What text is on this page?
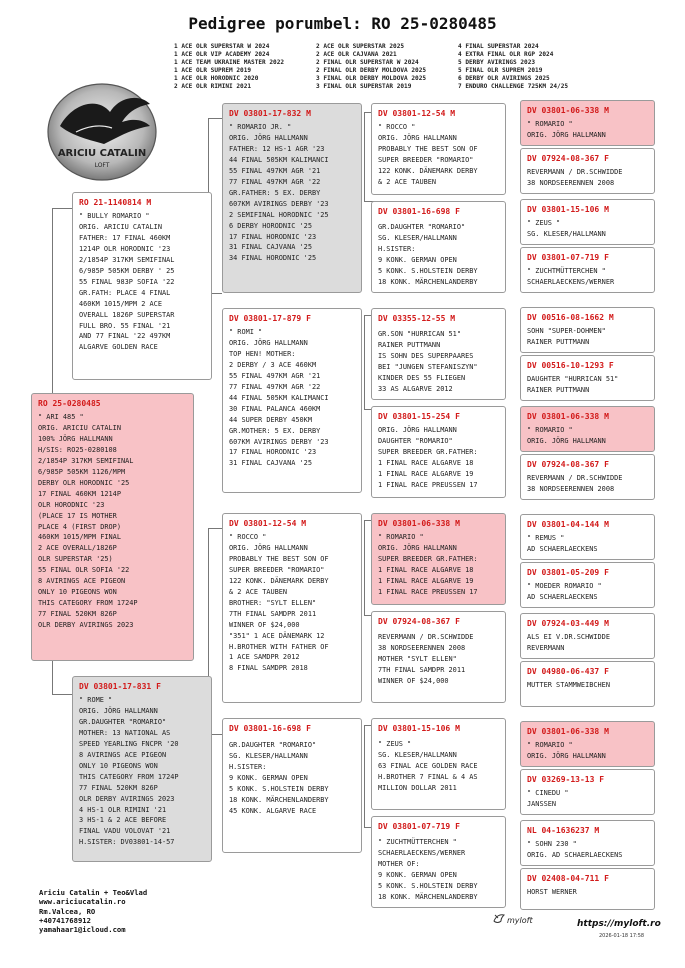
Pedigree porumbel: RO 25-0280485
1 ACE OLR SUPERSTAR W 2024
1 ACE OLR VIP ACADEMY 2024
1 ACE TEAM UKRAINE MASTER 2022
1 ACE OLR SUPREM 2019
1 ACE OLR HORODNIC 2020
2 ACE OLR RIMINI 2021
2 ACE OLR SUPERSTAR 2025
2 ACE OLR CAJVANA 2021
2 FINAL OLR SUPERSTAR W 2024
2 FINAL OLR DERBY MOLDOVA 2025
3 FINAL OLR DERBY MOLDOVA 2025
3 FINAL OLR SUPERSTAR 2019
4 FINAL SUPERSTAR 2024
4 EXTRA FINAL OLR RGP 2024
5 DERBY AVIRINGS 2023
5 FINAL OLR SUPREM 2019
6 DERBY OLR AVIRINGS 2025
7 ENDURO CHALLENGE 725KM 24/25
ARICIU CATALIN
LOFT
RO 25-0280485
" ARI 485 "
ORIG. ARICIU CATALIN
100% JÖRG HALLMANN
H/SIS: RO25-0280108
2/1854P 317KM SEMIFINAL
6/985P 505KM 1126/MPM
DERBY OLR HORODNIC '25
17 FINAL 460KM 1214P
OLR HORODNIC '23
(PLACE 17 IS MOTHER
PLACE 4 (FIRST DROP)
460KM 1015/MPM FINAL
2 ACE OVERALL/1826P
OLR SUPERSTAR '25)
55 FINAL OLR SOFIA '22
8 AVIRINGS ACE PIGEON
ONLY 10 PIGEONS WON
THIS CATEGORY FROM 1724P
77 FINAL 520KM 826P
OLR DERBY AVIRINGS 2023
RO 21-1140814 M
" BULLY ROMARIO "
ORIG. ARICIU CATALIN
FATHER: 17 FINAL 460KM
1214P OLR HORODNIC '23
2/1854P 317KM SEMIFINAL
6/985P 505KM DERBY ' 25
55 FINAL 983P SOFIA '22
GR.FATH: PLACE 4 FINAL
460KM 1015/MPM 2 ACE
OVERALL 1826P SUPERSTAR
FULL BRO. 55 FINAL '21
AND 77 FINAL '22 497KM
ALGARVE GOLDEN RACE
DV 03801-17-831 F
" ROME "
ORIG. JÖRG HALLMANN
GR.DAUGHTER "ROMARIO"
MOTHER: 13 NATIONAL AS
SPEED YEARLING FNCPR '20
8 AVIRINGS ACE PIGEON
ONLY 10 PIGEONS WON
THIS CATEGORY FROM 1724P
77 FINAL 520KM 826P
OLR DERBY AVIRINGS 2023
4 HS-1 OLR RIMINI '21
3 HS-1 & 2 ACE BEFORE
FINAL VADU VOLOVAT '21
H.SISTER: DV03801-14-57
DV 03801-17-832 M
" ROMARIO JR. "
ORIG. JÖRG HALLMANN
FATHER: 12 HS-1 AGR '23
44 FINAL 505KM KALIMANCI
55 FINAL 497KM AGR '21
77 FINAL 497KM AGR '22
GR.FATHER: 5 EX. DERBY
607KM AVIRINGS DERBY '23
2 SEMIFINAL HORODNIC '25
6 DERBY HORODNIC '25
17 FINAL HORODNIC '23
31 FINAL CAJVANA '25
34 FINAL HORODNIC '25
DV 03801-17-879 F
" ROMI "
ORIG. JÖRG HALLMANN
TOP HEN! MOTHER:
2 DERBY / 3 ACE 460KM
55 FINAL 497KM AGR '21
77 FINAL 497KM AGR '22
44 FINAL 505KM KALIMANCI
30 FINAL PALANCA 460KM
44 SUPER DERBY 450KM
GR.MOTHER: 5 EX. DERBY
607KM AVIRINGS DERBY '23
17 FINAL HORODNIC '23
31 FINAL CAJVANA '25
DV 03801-12-54 M
" ROCCO "
ORIG. JÖRG HALLMANN
PROBABLY THE BEST SON OF
SUPER BREEDER "ROMARIO"
122 KONK. DÄNEMARK DERBY
& 2 ACE TAUBEN
BROTHER: "SYLT ELLEN"
7TH FINAL SAMDPR 2011
WINNER OF $24,000
"351" 1 ACE DÄNEMARK 12
H.BROTHER WITH FATHER OF
1 ACE SAMDPR 2012
8 FINAL SAMDPR 2018
DV 03801-16-698 F
GR.DAUGHTER "ROMARIO"
SG. KLESER/HALLMANN
H.SISTER:
9 KONK. GERMAN OPEN
5 KONK. S.HOLSTEIN DERBY
18 KONK. MÄRCHENLANDERBY
45 KONK. ALGARVE RACE
DV 03801-12-54 M
" ROCCO "
ORIG. JÖRG HALLMANN
PROBABLY THE BEST SON OF
SUPER BREEDER "ROMARIO"
122 KONK. DÄNEMARK DERBY
& 2 ACE TAUBEN
DV 03801-16-698 F
GR.DAUGHTER "ROMARIO"
SG. KLESER/HALLMANN
H.SISTER:
9 KONK. GERMAN OPEN
5 KONK. S.HOLSTEIN DERBY
18 KONK. MÄRCHENLANDERBY
DV 03355-12-55 M
GR.SON "HURRICAN 51"
RAINER PUTTMANN
IS SOHN DES SUPERPAARES
BEI "JUNGEN STEFANISZYN"
KINDER DES 55 FLIEGEN
33 AS ALGARVE 2012
DV 03801-15-254 F
ORIG. JÖRG HALLMANN
DAUGHTER "ROMARIO"
SUPER BREEDER GR.FATHER:
1 FINAL RACE ALGARVE 18
1 FINAL RACE ALGARVE 19
1 FINAL RACE PREUSSEN 17
DV 03801-06-338 M
" ROMARIO "
ORIG. JÖRG HALLMANN
SUPER BREEDER GR.FATHER:
1 FINAL RACE ALGARVE 18
1 FINAL RACE ALGARVE 19
1 FINAL RACE PREUSSEN 17
DV 07924-08-367 F
REVERMANN / DR.SCHWIDDE
38 NORDSEERENNEN 2008
MOTHER "SYLT ELLEN"
7TH FINAL SAMDPR 2011
WINNER OF $24,000
DV 03801-15-106 M
" ZEUS "
SG. KLESER/HALLMANN
63 FINAL ACE GOLDEN RACE
H.BROTHER 7 FINAL & 4 AS
MILLION DOLLAR 2011
DV 03801-07-719 F
" ZUCHTMÜTTERCHEN "
SCHAERLAECKENS/WERNER
MOTHER OF:
9 KONK. GERMAN OPEN
5 KONK. S.HOLSTEIN DERBY
18 KONK. MÄRCHENLANDERBY
DV 03801-06-338 M
" ROMARIO "
ORIG. JÖRG HALLMANN
DV 07924-08-367 F
REVERMANN / DR.SCHWIDDE
38 NORDSEERENNEN 2008
DV 03801-15-106 M
" ZEUS "
SG. KLESER/HALLMANN
DV 03801-07-719 F
" ZUCHTMÜTTERCHEN "
SCHAERLAECKENS/WERNER
DV 00516-08-1662 M
SOHN "SUPER-DOHMEN"
RAINER PUTTMANN
DV 00516-10-1293 F
DAUGHTER "HURRICAN 51"
RAINER PUTTMANN
DV 03801-06-338 M
" ROMARIO "
ORIG. JÖRG HALLMANN
DV 07924-08-367 F
REVERMANN / DR.SCHWIDDE
38 NORDSEERENNEN 2008
DV 03801-04-144 M
" REMUS "
AD SCHAERLAECKENS
DV 03801-05-209 F
" MOEDER ROMARIO "
AD SCHAERLAECKENS
DV 07924-03-449 M
ALS EI V.DR.SCHWIDDE
REVERMANN
DV 04980-06-437 F
MUTTER STAMMWEIBCHEN
DV 03801-06-338 M
" ROMARIO "
ORIG. JÖRG HALLMANN
DV 03269-13-13 F
" CINEDU "
JANSSEN
NL 04-1636237 M
" SOHN 230 "
ORIG. AD SCHAERLAECKENS
DV 02408-04-711 F
HORST WERNER
Ariciu Catalin + Teo&Vlad
www.ariciucatalin.ro
Rm.Valcea, RO
+40741768912
yamahaar1@icloud.com
myloft	https://myloft.ro
2026-01-18 17:58
